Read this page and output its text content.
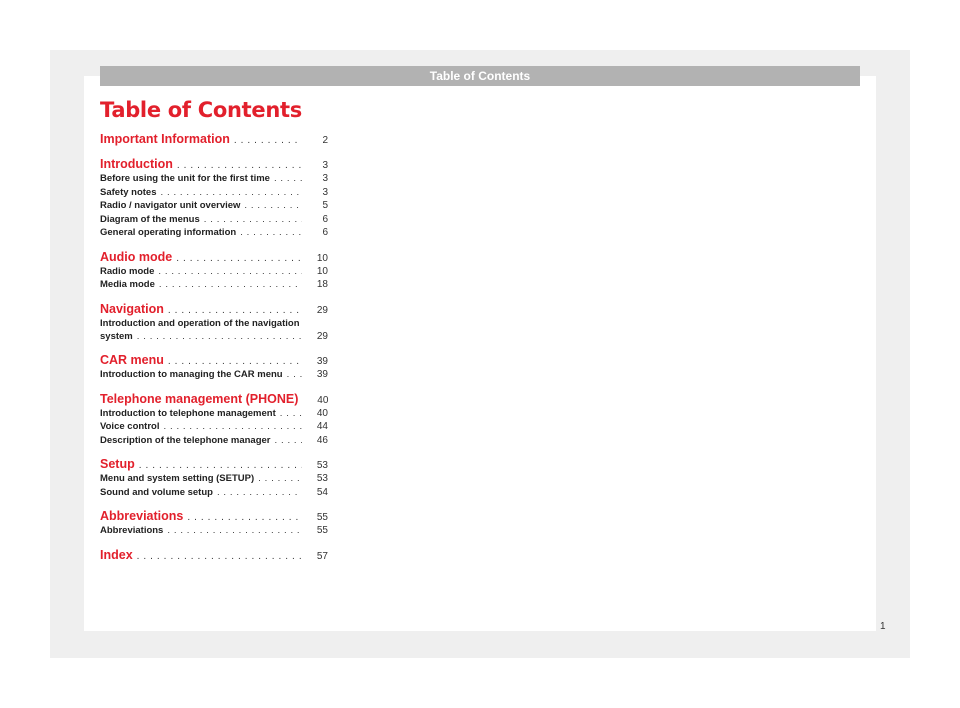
Table of Contents
Table of Contents
Important Information . . .	2
Introduction . . .	3
Before using the unit for the first time . . .	3
Safety notes . . .	3
Radio / navigator unit overview . . .	5
Diagram of the menus . . .	6
General operating information . . .	6
Audio mode . . .	10
Radio mode . . .	10
Media mode . . .	18
Navigation . . .	29
Introduction and operation of the navigation
system . . .	29
CAR menu . . .	39
Introduction to managing the CAR menu . . .	39
Telephone management (PHONE)	40
Introduction to telephone management . . .	40
Voice control . . .	44
Description of the telephone manager . . .	46
Setup . . .	53
Menu and system setting (SETUP) . . .	53
Sound and volume setup . . .	54
Abbreviations . . .	55
Abbreviations . . .	55
Index . . .	57
1
